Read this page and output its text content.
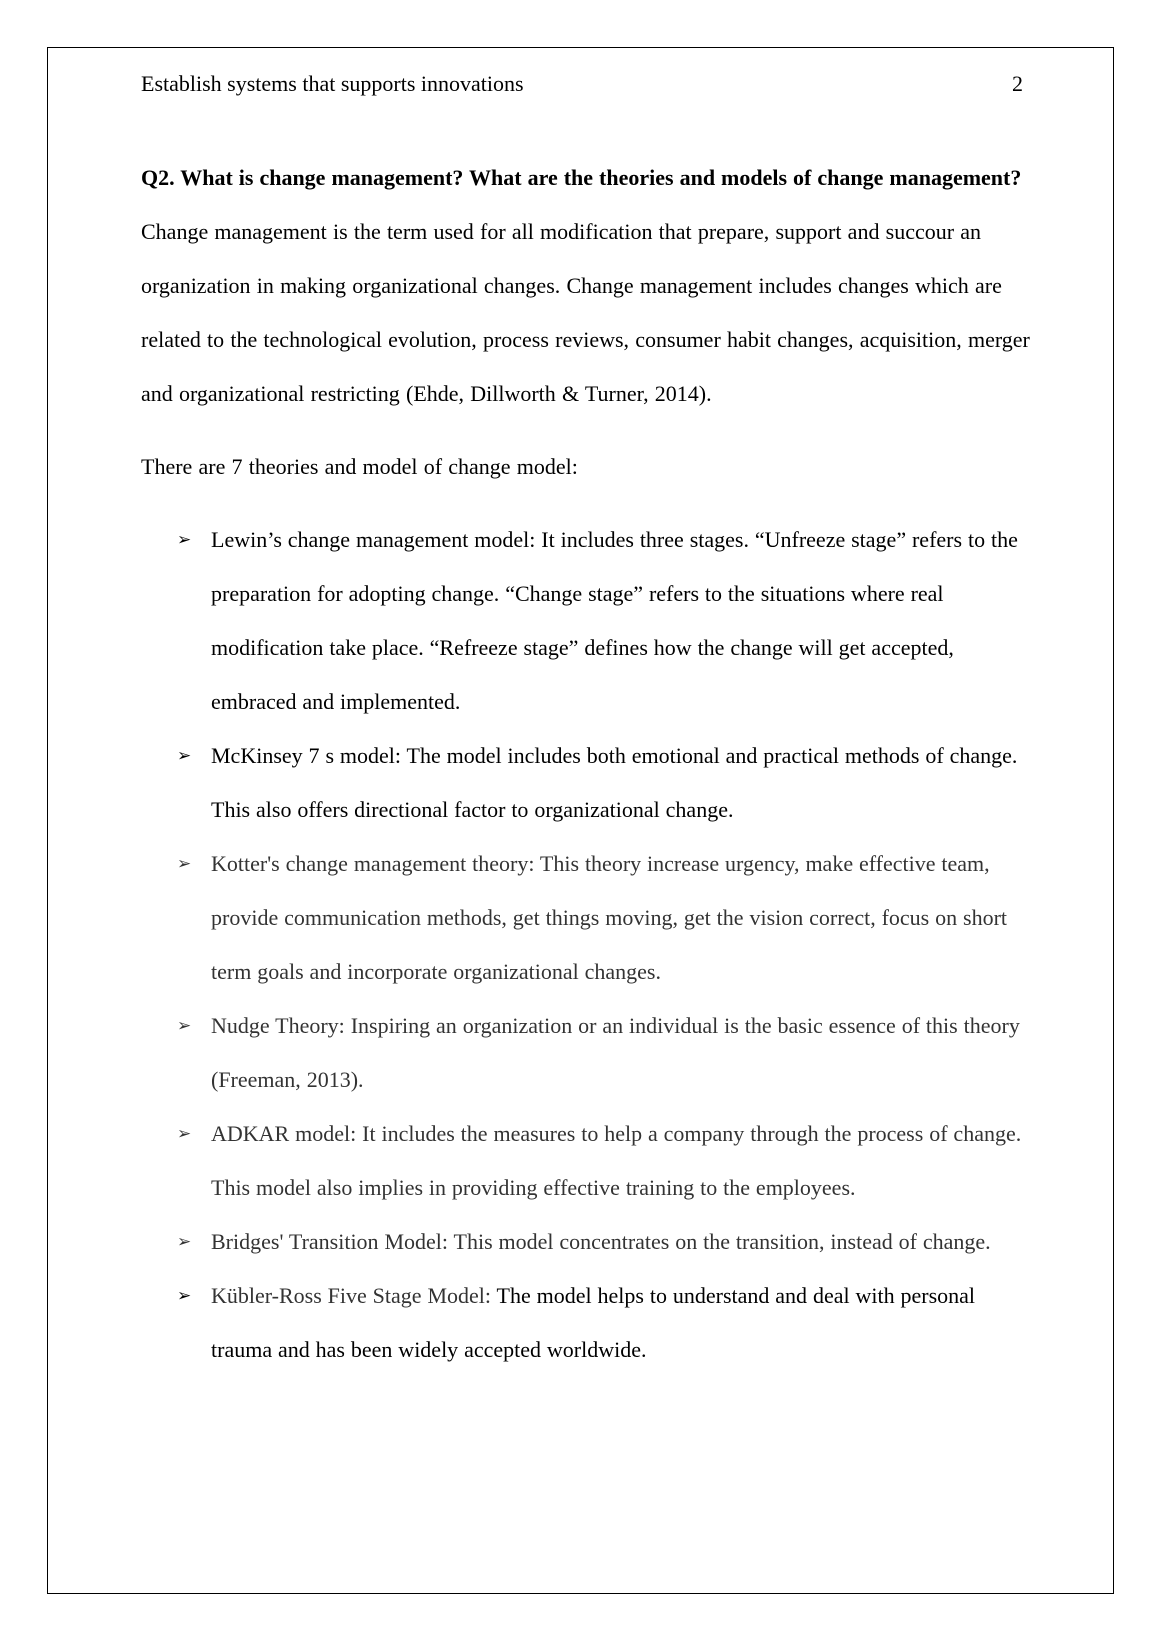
Establish systems that supports innovations	2

Q2. What is change management? What are the theories and models of change management?

Change management is the term used for all modification that prepare, support and succour an organization in making organizational changes. Change management includes changes which are related to the technological evolution, process reviews, consumer habit changes, acquisition, merger and organizational restricting (Ehde, Dillworth & Turner, 2014).

There are 7 theories and model of change model:

➢ Lewin’s change management model: It includes three stages. “Unfreeze stage” refers to the preparation for adopting change. “Change stage” refers to the situations where real modification take place. “Refreeze stage” defines how the change will get accepted, embraced and implemented.
➢ McKinsey 7 s model: The model includes both emotional and practical methods of change. This also offers directional factor to organizational change.
➢ Kotter's change management theory: This theory increase urgency, make effective team, provide communication methods, get things moving, get the vision correct, focus on short term goals and incorporate organizational changes.
➢ Nudge Theory: Inspiring an organization or an individual is the basic essence of this theory (Freeman, 2013).
➢ ADKAR model: It includes the measures to help a company through the process of change. This model also implies in providing effective training to the employees.
➢ Bridges' Transition Model: This model concentrates on the transition, instead of change.
➢ Kübler-Ross Five Stage Model: The model helps to understand and deal with personal trauma and has been widely accepted worldwide.
